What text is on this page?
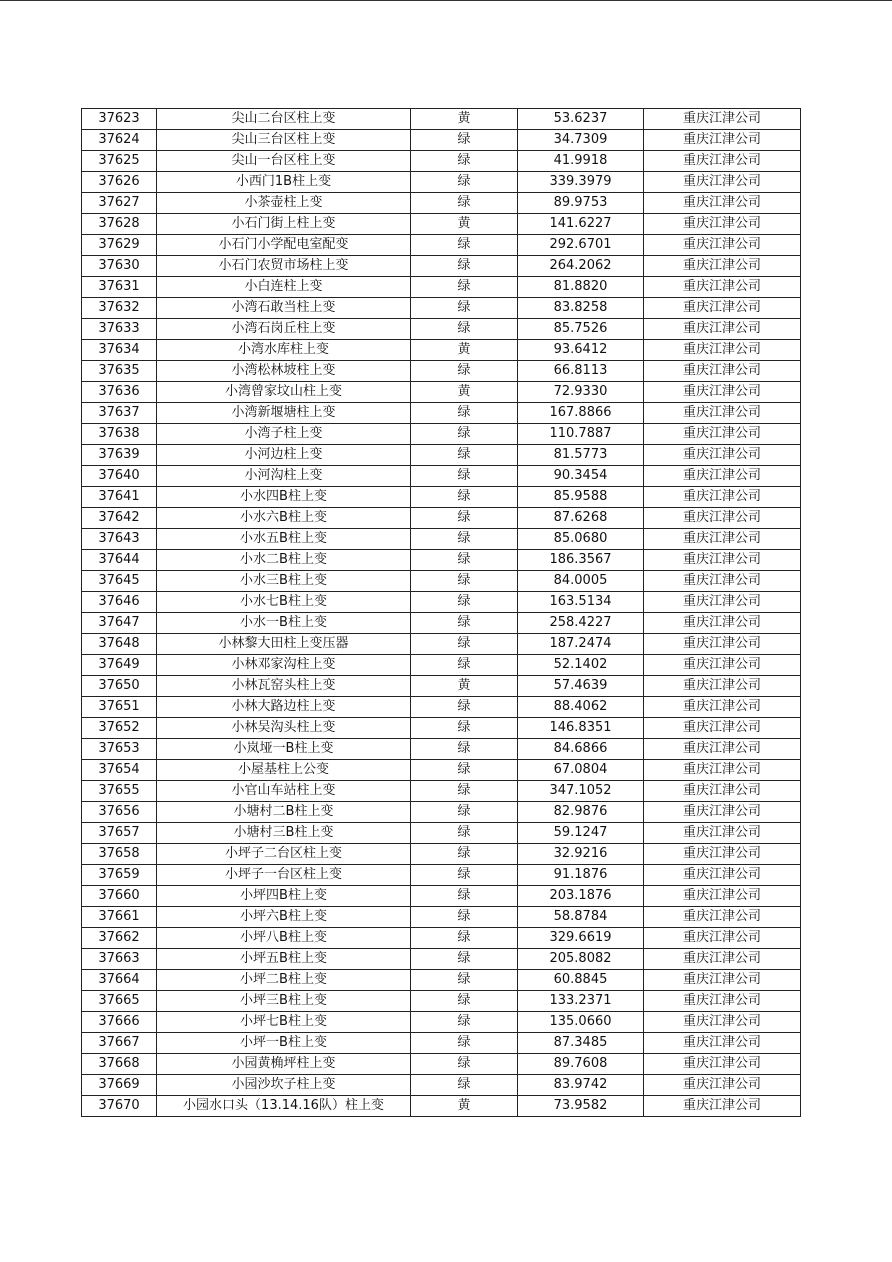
37623	尖山二台区柱上变	黄	53.6237	重庆江津公司
37624	尖山三台区柱上变	绿	34.7309	重庆江津公司
37625	尖山一台区柱上变	绿	41.9918	重庆江津公司
37626	小西门1B柱上变	绿	339.3979	重庆江津公司
37627	小茶壶柱上变	绿	89.9753	重庆江津公司
37628	小石门街上柱上变	黄	141.6227	重庆江津公司
37629	小石门小学配电室配变	绿	292.6701	重庆江津公司
37630	小石门农贸市场柱上变	绿	264.2062	重庆江津公司
37631	小白连柱上变	绿	81.8820	重庆江津公司
37632	小湾石敢当柱上变	绿	83.8258	重庆江津公司
37633	小湾石岗丘柱上变	绿	85.7526	重庆江津公司
37634	小湾水库柱上变	黄	93.6412	重庆江津公司
37635	小湾松林坡柱上变	绿	66.8113	重庆江津公司
37636	小湾曾家坟山柱上变	黄	72.9330	重庆江津公司
37637	小湾新堰塘柱上变	绿	167.8866	重庆江津公司
37638	小湾子柱上变	绿	110.7887	重庆江津公司
37639	小河边柱上变	绿	81.5773	重庆江津公司
37640	小河沟柱上变	绿	90.3454	重庆江津公司
37641	小水四B柱上变	绿	85.9588	重庆江津公司
37642	小水六B柱上变	绿	87.6268	重庆江津公司
37643	小水五B柱上变	绿	85.0680	重庆江津公司
37644	小水二B柱上变	绿	186.3567	重庆江津公司
37645	小水三B柱上变	绿	84.0005	重庆江津公司
37646	小水七B柱上变	绿	163.5134	重庆江津公司
37647	小水一B柱上变	绿	258.4227	重庆江津公司
37648	小林黎大田柱上变压器	绿	187.2474	重庆江津公司
37649	小林邓家沟柱上变	绿	52.1402	重庆江津公司
37650	小林瓦窑头柱上变	黄	57.4639	重庆江津公司
37651	小林大路边柱上变	绿	88.4062	重庆江津公司
37652	小林吴沟头柱上变	绿	146.8351	重庆江津公司
37653	小岚垭一B柱上变	绿	84.6866	重庆江津公司
37654	小屋基柱上公变	绿	67.0804	重庆江津公司
37655	小官山车站柱上变	绿	347.1052	重庆江津公司
37656	小塘村二B柱上变	绿	82.9876	重庆江津公司
37657	小塘村三B柱上变	绿	59.1247	重庆江津公司
37658	小坪子二台区柱上变	绿	32.9216	重庆江津公司
37659	小坪子一台区柱上变	绿	91.1876	重庆江津公司
37660	小坪四B柱上变	绿	203.1876	重庆江津公司
37661	小坪六B柱上变	绿	58.8784	重庆江津公司
37662	小坪八B柱上变	绿	329.6619	重庆江津公司
37663	小坪五B柱上变	绿	205.8082	重庆江津公司
37664	小坪二B柱上变	绿	60.8845	重庆江津公司
37665	小坪三B柱上变	绿	133.2371	重庆江津公司
37666	小坪七B柱上变	绿	135.0660	重庆江津公司
37667	小坪一B柱上变	绿	87.3485	重庆江津公司
37668	小园黄桷坪柱上变	绿	89.7608	重庆江津公司
37669	小园沙坎子柱上变	绿	83.9742	重庆江津公司
37670	小园水口头（13.14.16队）柱上变	黄	73.9582	重庆江津公司
